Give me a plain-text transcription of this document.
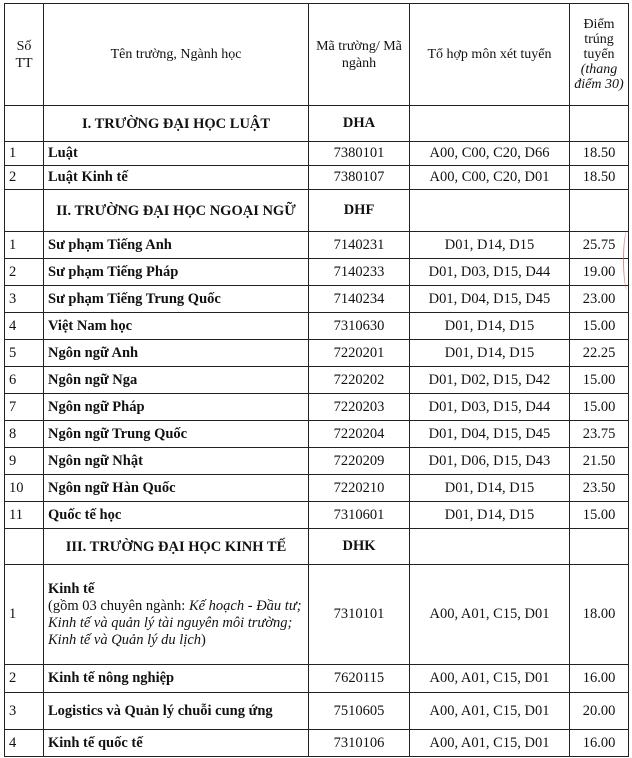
Số TT	Tên trường, Ngành học	Mã trường/ Mã ngành	Tổ hợp môn xét tuyển	Điểm trúng tuyển
(thang điểm 30)
	I. TRƯỜNG ĐẠI HỌC LUẬT	DHA		
1	Luật	7380101	A00, C00, C20, D66	18.50
2	Luật Kinh tế	7380107	A00, C00, C20, D01	18.50
	II. TRƯỜNG ĐẠI HỌC NGOẠI NGỮ	DHF		
1	Sư phạm Tiếng Anh	7140231	D01, D14, D15	25.75
2	Sư phạm Tiếng Pháp	7140233	D01, D03, D15, D44	19.00
3	Sư phạm Tiếng Trung Quốc	7140234	D01, D04, D15, D45	23.00
4	Việt Nam học	7310630	D01, D14, D15	15.00
5	Ngôn ngữ Anh	7220201	D01, D14, D15	22.25
6	Ngôn ngữ Nga	7220202	D01, D02, D15, D42	15.00
7	Ngôn ngữ Pháp	7220203	D01, D03, D15, D44	15.00
8	Ngôn ngữ Trung Quốc	7220204	D01, D04, D15, D45	23.75
9	Ngôn ngữ Nhật	7220209	D01, D06, D15, D43	21.50
10	Ngôn ngữ Hàn Quốc	7220210	D01, D14, D15	23.50
11	Quốc tế học	7310601	D01, D14, D15	15.00
	III. TRƯỜNG ĐẠI HỌC KINH TẾ	DHK		
1	Kinh tế
(gồm 03 chuyên ngành: Kế hoạch - Đầu tư; Kinh tế và quản lý tài nguyên môi trường; Kinh tế và Quản lý du lịch)	7310101	A00, A01, C15, D01	18.00
2	Kinh tế nông nghiệp	7620115	A00, A01, C15, D01	16.00
3	Logistics và Quản lý chuỗi cung ứng	7510605	A00, A01, C15, D01	20.00
4	Kinh tế quốc tế	7310106	A00, A01, C15, D01	16.00
